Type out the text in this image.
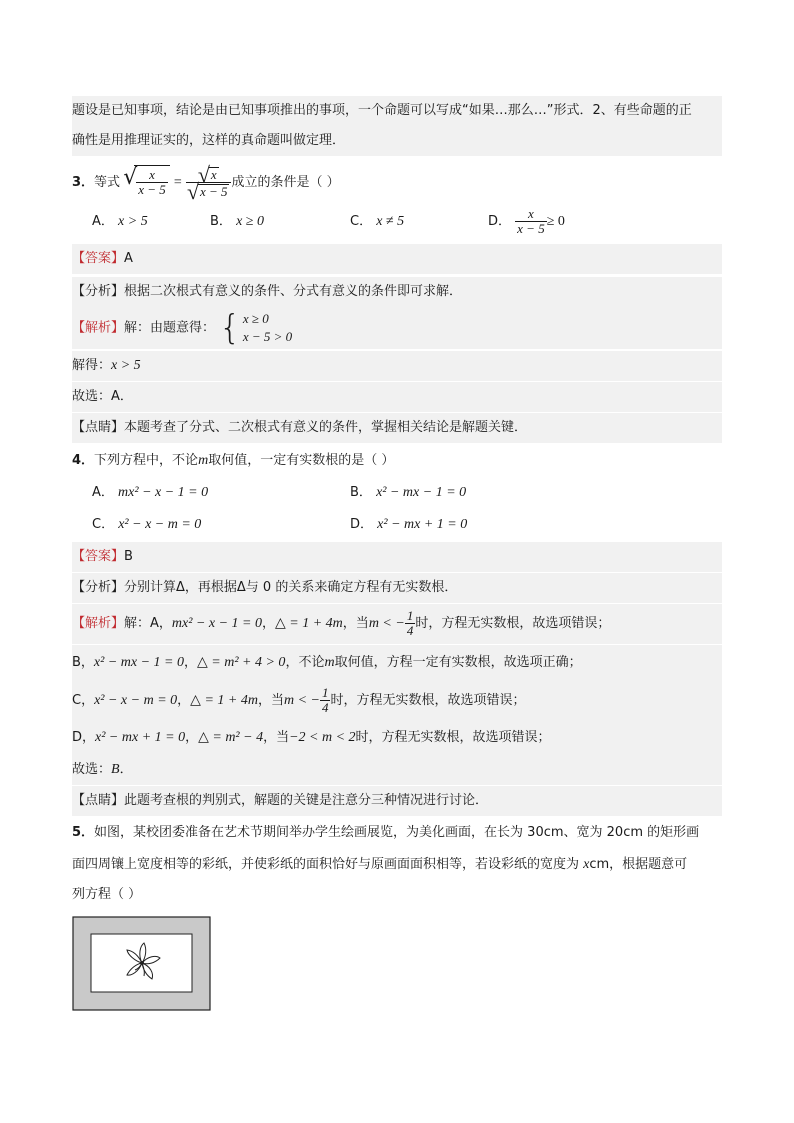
题设是已知事项，结论是由已知事项推出的事项，一个命题可以写成“如果…那么…”形式．2、有些命题的正
确性是用推理证实的，这样的真命题叫做定理．
3．等式 √ $\frac{x}{x - 5}$ = √ x
√ x − 5 成立的条件是（ ）
A． x > 5	B． x ≥ 0	C． x ≠ 5	D． $\frac{x}{x - 5} \ge 0$
【答案】A
【分析】根据二次根式有意义的条件、分式有意义的条件即可求解．
【解析】解：由题意得： { x ≥ 0
x − 5 > 0
解得：x > 5
故选：A．
【点睛】本题考查了分式、二次根式有意义的条件，掌握相关结论是解题关键．
4．下列方程中，不论m取何值，一定有实数根的是（ ）
A． mx² − x − 1 = 0	B． x² − mx − 1 = 0
C． x² − x − m = 0	D． x² − mx + 1 = 0
【答案】B
【分析】分别计算Δ，再根据Δ与 0 的关系来确定方程有无实数根．
【解析】解：A，mx² − x − 1 = 0，△ = 1 + 4m，当m < − $\frac{1}{4}$ 时，方程无实数根，故选项错误；
B，x² − mx − 1 = 0，△ = m² + 4 > 0，不论m取何值，方程一定有实数根，故选项正确；
C，x² − x − m = 0，△ = 1 + 4m，当m < − $\frac{1}{4}$ 时，方程无实数根，故选项错误；
D，x² − mx + 1 = 0，△ = m² − 4，当−2 < m < 2时，方程无实数根，故选项错误；
故选：B．
【点睛】此题考查根的判别式，解题的关键是注意分三种情况进行讨论．
5．如图，某校团委准备在艺术节期间举办学生绘画展览，为美化画面，在长为 30cm、宽为 20cm 的矩形画
面四周镶上宽度相等的彩纸，并使彩纸的面积恰好与原画面面积相等，若设彩纸的宽度为 xcm，根据题意可
列方程（ ）
